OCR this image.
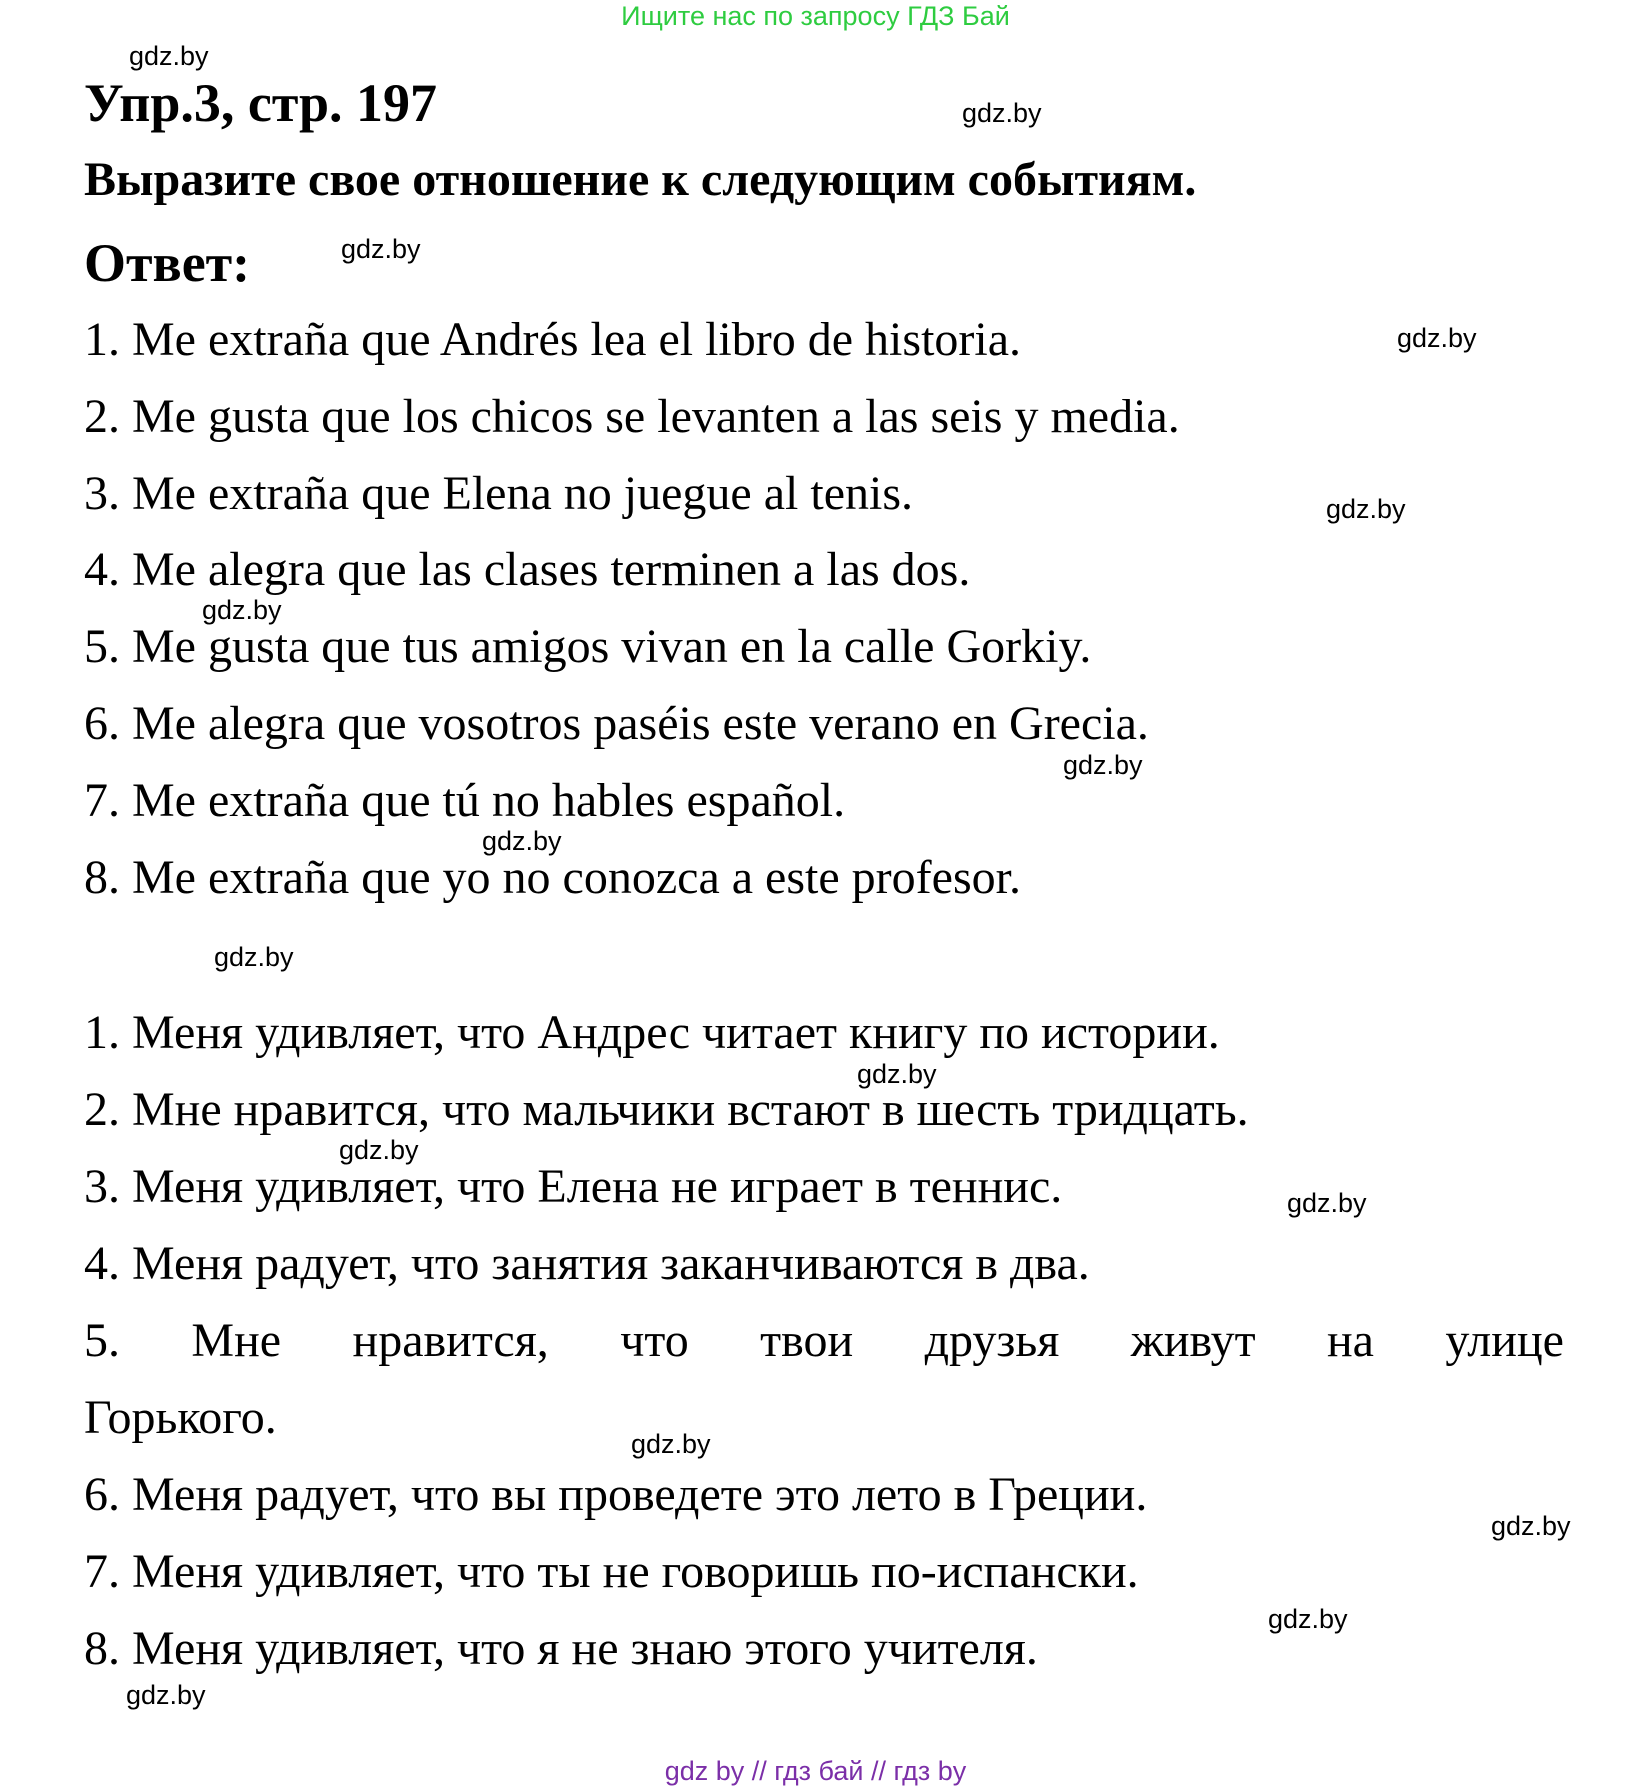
Ищите нас по запросу ГДЗ Бай
Упр.3, стр. 197
Выразите свое отношение к следующим событиям.
Ответ:
1. Me extraña que Andrés lea el libro de historia.
2. Me gusta que los chicos se levanten a las seis y media.
3. Me extraña que Elena no juegue al tenis.
4. Me alegra que las clases terminen a las dos.
5. Me gusta que tus amigos vivan en la calle Gorkiy.
6. Me alegra que vosotros paséis este verano en Grecia.
7. Me extraña que tú no hables español.
8. Me extraña que yo no conozca a este profesor.
1. Меня удивляет, что Андрес читает книгу по истории.
2. Мне нравится, что мальчики встают в шесть тридцать.
3. Меня удивляет, что Елена не играет в теннис.
4. Меня радует, что занятия заканчиваются в два.
5. Мне нравится, что твои друзья живут на улице
Горького.
6. Меня радует, что вы проведете это лето в Греции.
7. Меня удивляет, что ты не говоришь по-испански.
8. Меня удивляет, что я не знаю этого учителя.
gdz.by
gdz.by
gdz.by
gdz.by
gdz.by
gdz.by
gdz.by
gdz.by
gdz.by
gdz.by
gdz.by
gdz.by
gdz.by
gdz.by
gdz.by
gdz.by
gdz by // гдз бай // гдз by
